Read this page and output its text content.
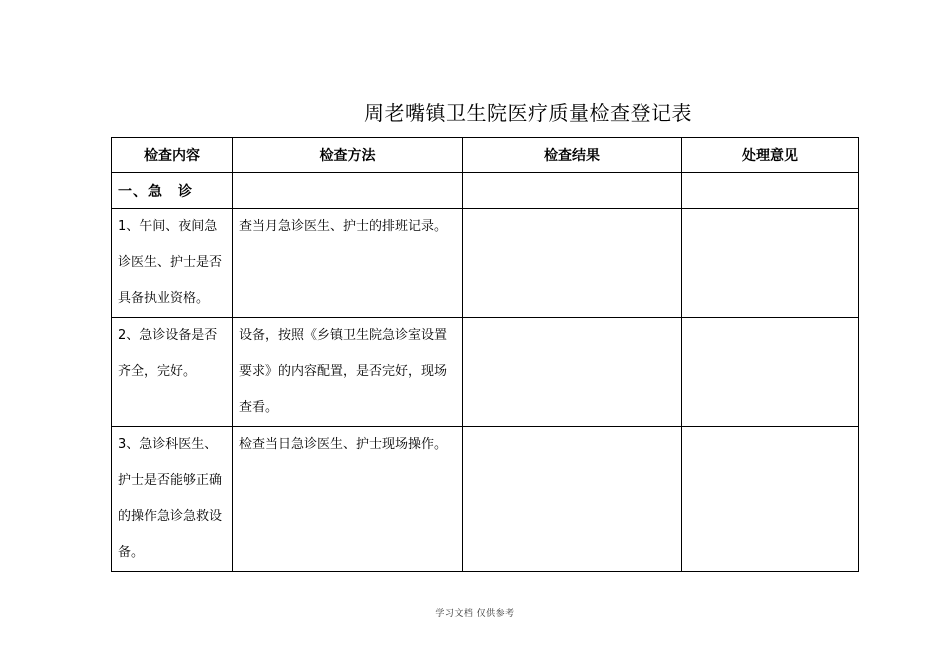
周老嘴镇卫生院医疗质量检查登记表
检查内容	检查方法	检查结果	处理意见
一、急　诊			
1、午间、夜间急诊医生、护士是否具备执业资格。	查当月急诊医生、护士的排班记录。		
2、急诊设备是否齐全，完好。	设备，按照《乡镇卫生院急诊室设置要求》的内容配置，是否完好，现场查看。		
3、急诊科医生、护士是否能够正确的操作急诊急救设备。	检查当日急诊医生、护士现场操作。		
学习文档 仅供参考
